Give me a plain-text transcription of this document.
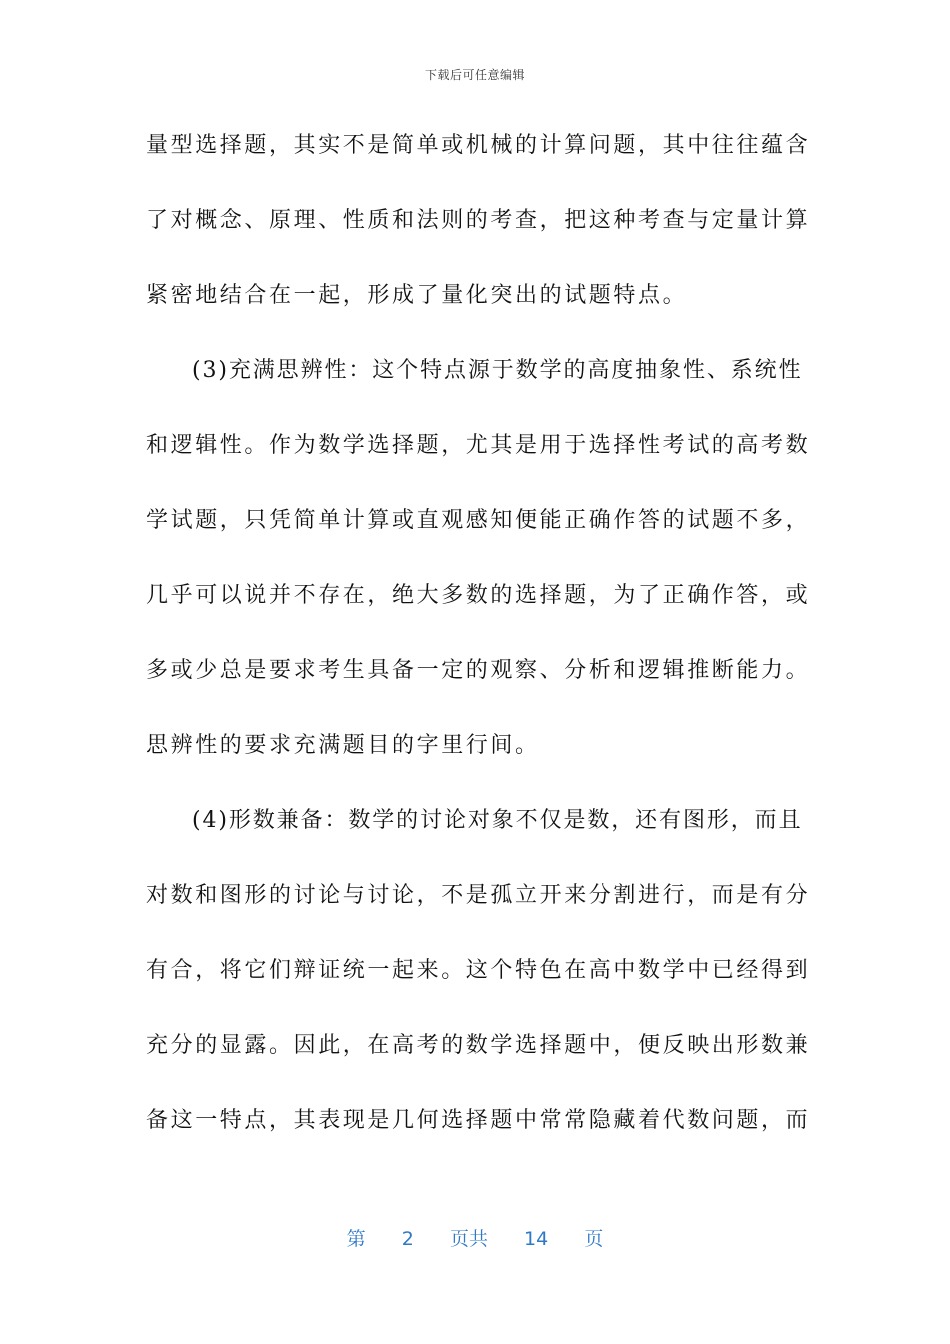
下载后可任意编辑
量型选择题，其实不是简单或机械的计算问题，其中往往蕴含
了对概念、原理、性质和法则的考查，把这种考查与定量计算
紧密地结合在一起，形成了量化突出的试题特点。
(3)充满思辨性：这个特点源于数学的高度抽象性、系统性
和逻辑性。作为数学选择题，尤其是用于选择性考试的高考数
学试题，只凭简单计算或直观感知便能正确作答的试题不多，
几乎可以说并不存在，绝大多数的选择题，为了正确作答，或
多或少总是要求考生具备一定的观察、分析和逻辑推断能力。
思辨性的要求充满题目的字里行间。
(4)形数兼备：数学的讨论对象不仅是数，还有图形，而且
对数和图形的讨论与讨论，不是孤立开来分割进行，而是有分
有合，将它们辩证统一起来。这个特色在高中数学中已经得到
充分的显露。因此，在高考的数学选择题中，便反映出形数兼
备这一特点，其表现是几何选择题中常常隐藏着代数问题，而
第 2 页共 14 页
